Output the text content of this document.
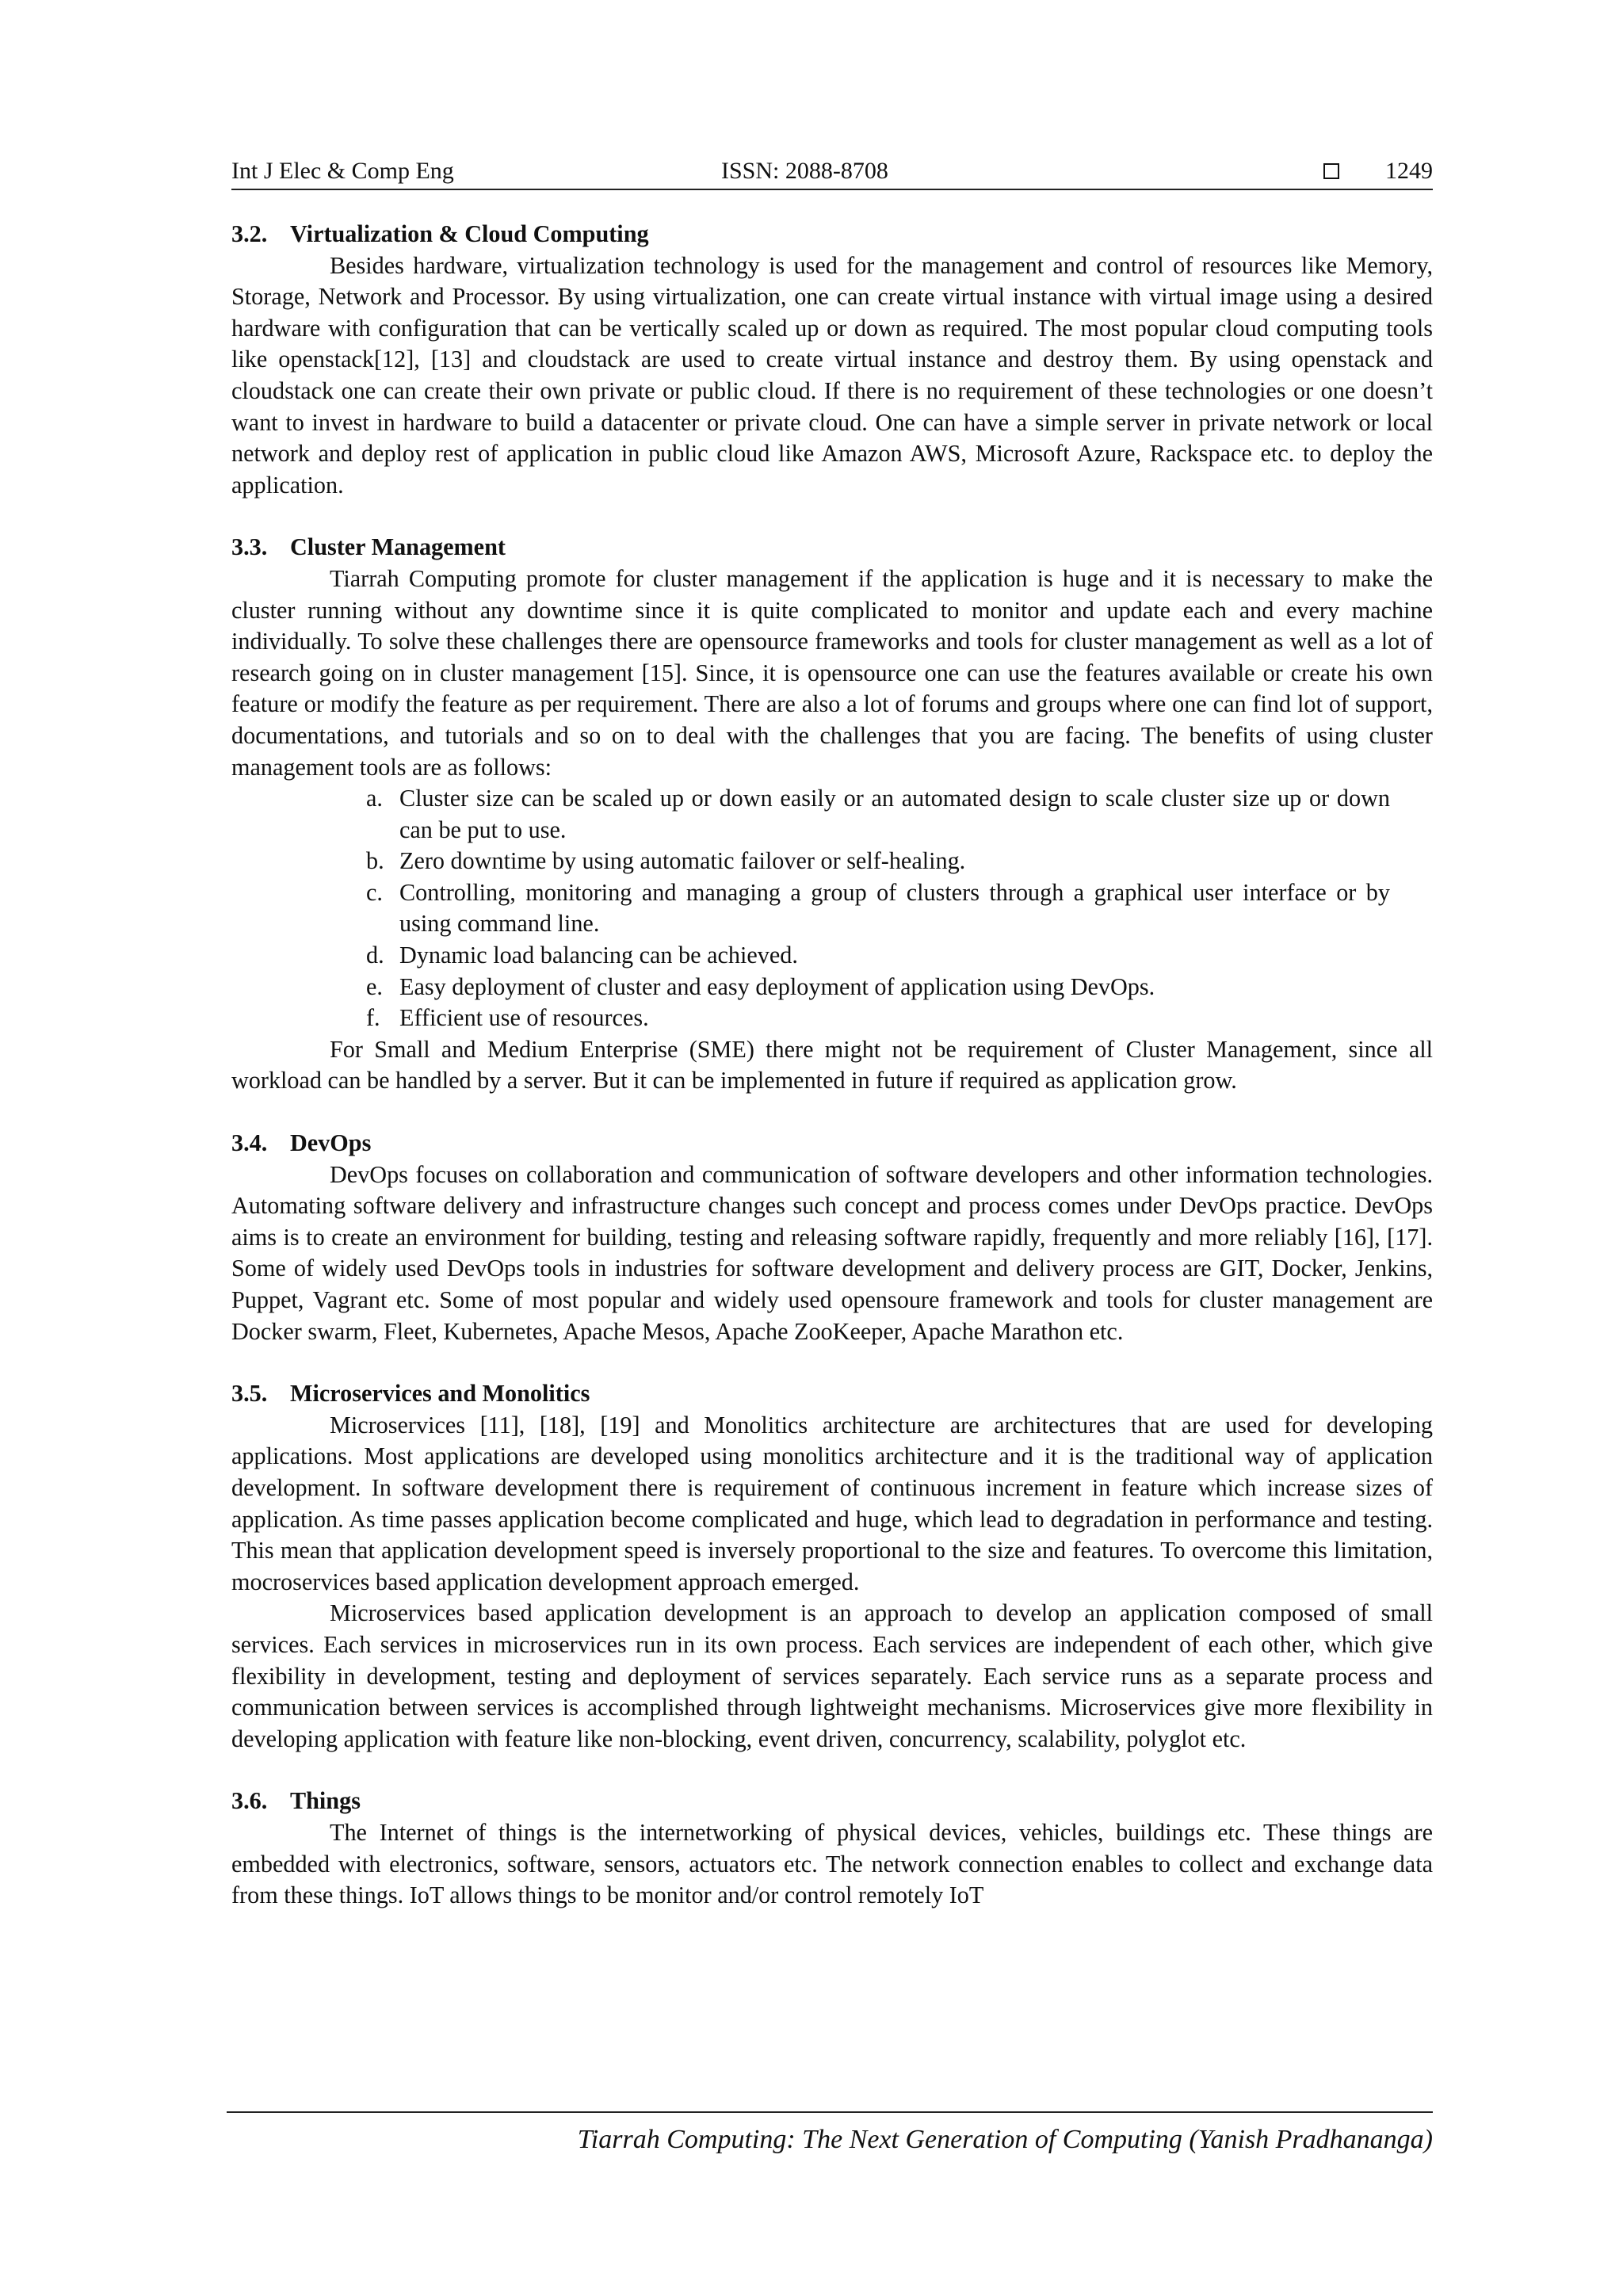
Int J Elec & Comp Eng	ISSN: 2088-8708	1249
3.2. Virtualization & Cloud Computing

Besides hardware, virtualization technology is used for the management and control of resources like Memory, Storage, Network and Processor. By using virtualization, one can create virtual instance with virtual image using a desired hardware with configuration that can be vertically scaled up or down as required. The most popular cloud computing tools like openstack[12], [13] and cloudstack are used to create virtual instance and destroy them. By using openstack and cloudstack one can create their own private or public cloud. If there is no requirement of these technologies or one doesn’t want to invest in hardware to build a datacenter or private cloud. One can have a simple server in private network or local network and deploy rest of application in public cloud like Amazon AWS, Microsoft Azure, Rackspace etc. to deploy the application.

3.3. Cluster Management

Tiarrah Computing promote for cluster management if the application is huge and it is necessary to make the cluster running without any downtime since it is quite complicated to monitor and update each and every machine individually. To solve these challenges there are opensource frameworks and tools for cluster management as well as a lot of research going on in cluster management [15]. Since, it is opensource one can use the features available or create his own feature or modify the feature as per requirement. There are also a lot of forums and groups where one can find lot of support, documentations, and tutorials and so on to deal with the challenges that you are facing. The benefits of using cluster management tools are as follows:

a. Cluster size can be scaled up or down easily or an automated design to scale cluster size up or down can be put to use.
b. Zero downtime by using automatic failover or self-healing.
c. Controlling, monitoring and managing a group of clusters through a graphical user interface or by using command line.
d. Dynamic load balancing can be achieved.
e. Easy deployment of cluster and easy deployment of application using DevOps.
f. Efficient use of resources.

For Small and Medium Enterprise (SME) there might not be requirement of Cluster Management, since all workload can be handled by a server. But it can be implemented in future if required as application grow.

3.4. DevOps

DevOps focuses on collaboration and communication of software developers and other information technologies. Automating software delivery and infrastructure changes such concept and process comes under DevOps practice. DevOps aims is to create an environment for building, testing and releasing software rapidly, frequently and more reliably [16], [17]. Some of widely used DevOps tools in industries for software development and delivery process are GIT, Docker, Jenkins, Puppet, Vagrant etc. Some of most popular and widely used opensoure framework and tools for cluster management are Docker swarm, Fleet, Kubernetes, Apache Mesos, Apache ZooKeeper, Apache Marathon etc.

3.5. Microservices and Monolitics

Microservices [11], [18], [19] and Monolitics architecture are architectures that are used for developing applications. Most applications are developed using monolitics architecture and it is the traditional way of application development. In software development there is requirement of continuous increment in feature which increase sizes of application. As time passes application become complicated and huge, which lead to degradation in performance and testing. This mean that application development speed is inversely proportional to the size and features. To overcome this limitation, mocroservices based application development approach emerged.

Microservices based application development is an approach to develop an application composed of small services. Each services in microservices run in its own process. Each services are independent of each other, which give flexibility in development, testing and deployment of services separately. Each service runs as a separate process and communication between services is accomplished through lightweight mechanisms. Microservices give more flexibility in developing application with feature like non-blocking, event driven, concurrency, scalability, polyglot etc.

3.6. Things

The Internet of things is the internetworking of physical devices, vehicles, buildings etc. These things are embedded with electronics, software, sensors, actuators etc. The network connection enables to collect and exchange data from these things. IoT allows things to be monitor and/or control remotely IoT

Tiarrah Computing: The Next Generation of Computing (Yanish Pradhananga)
